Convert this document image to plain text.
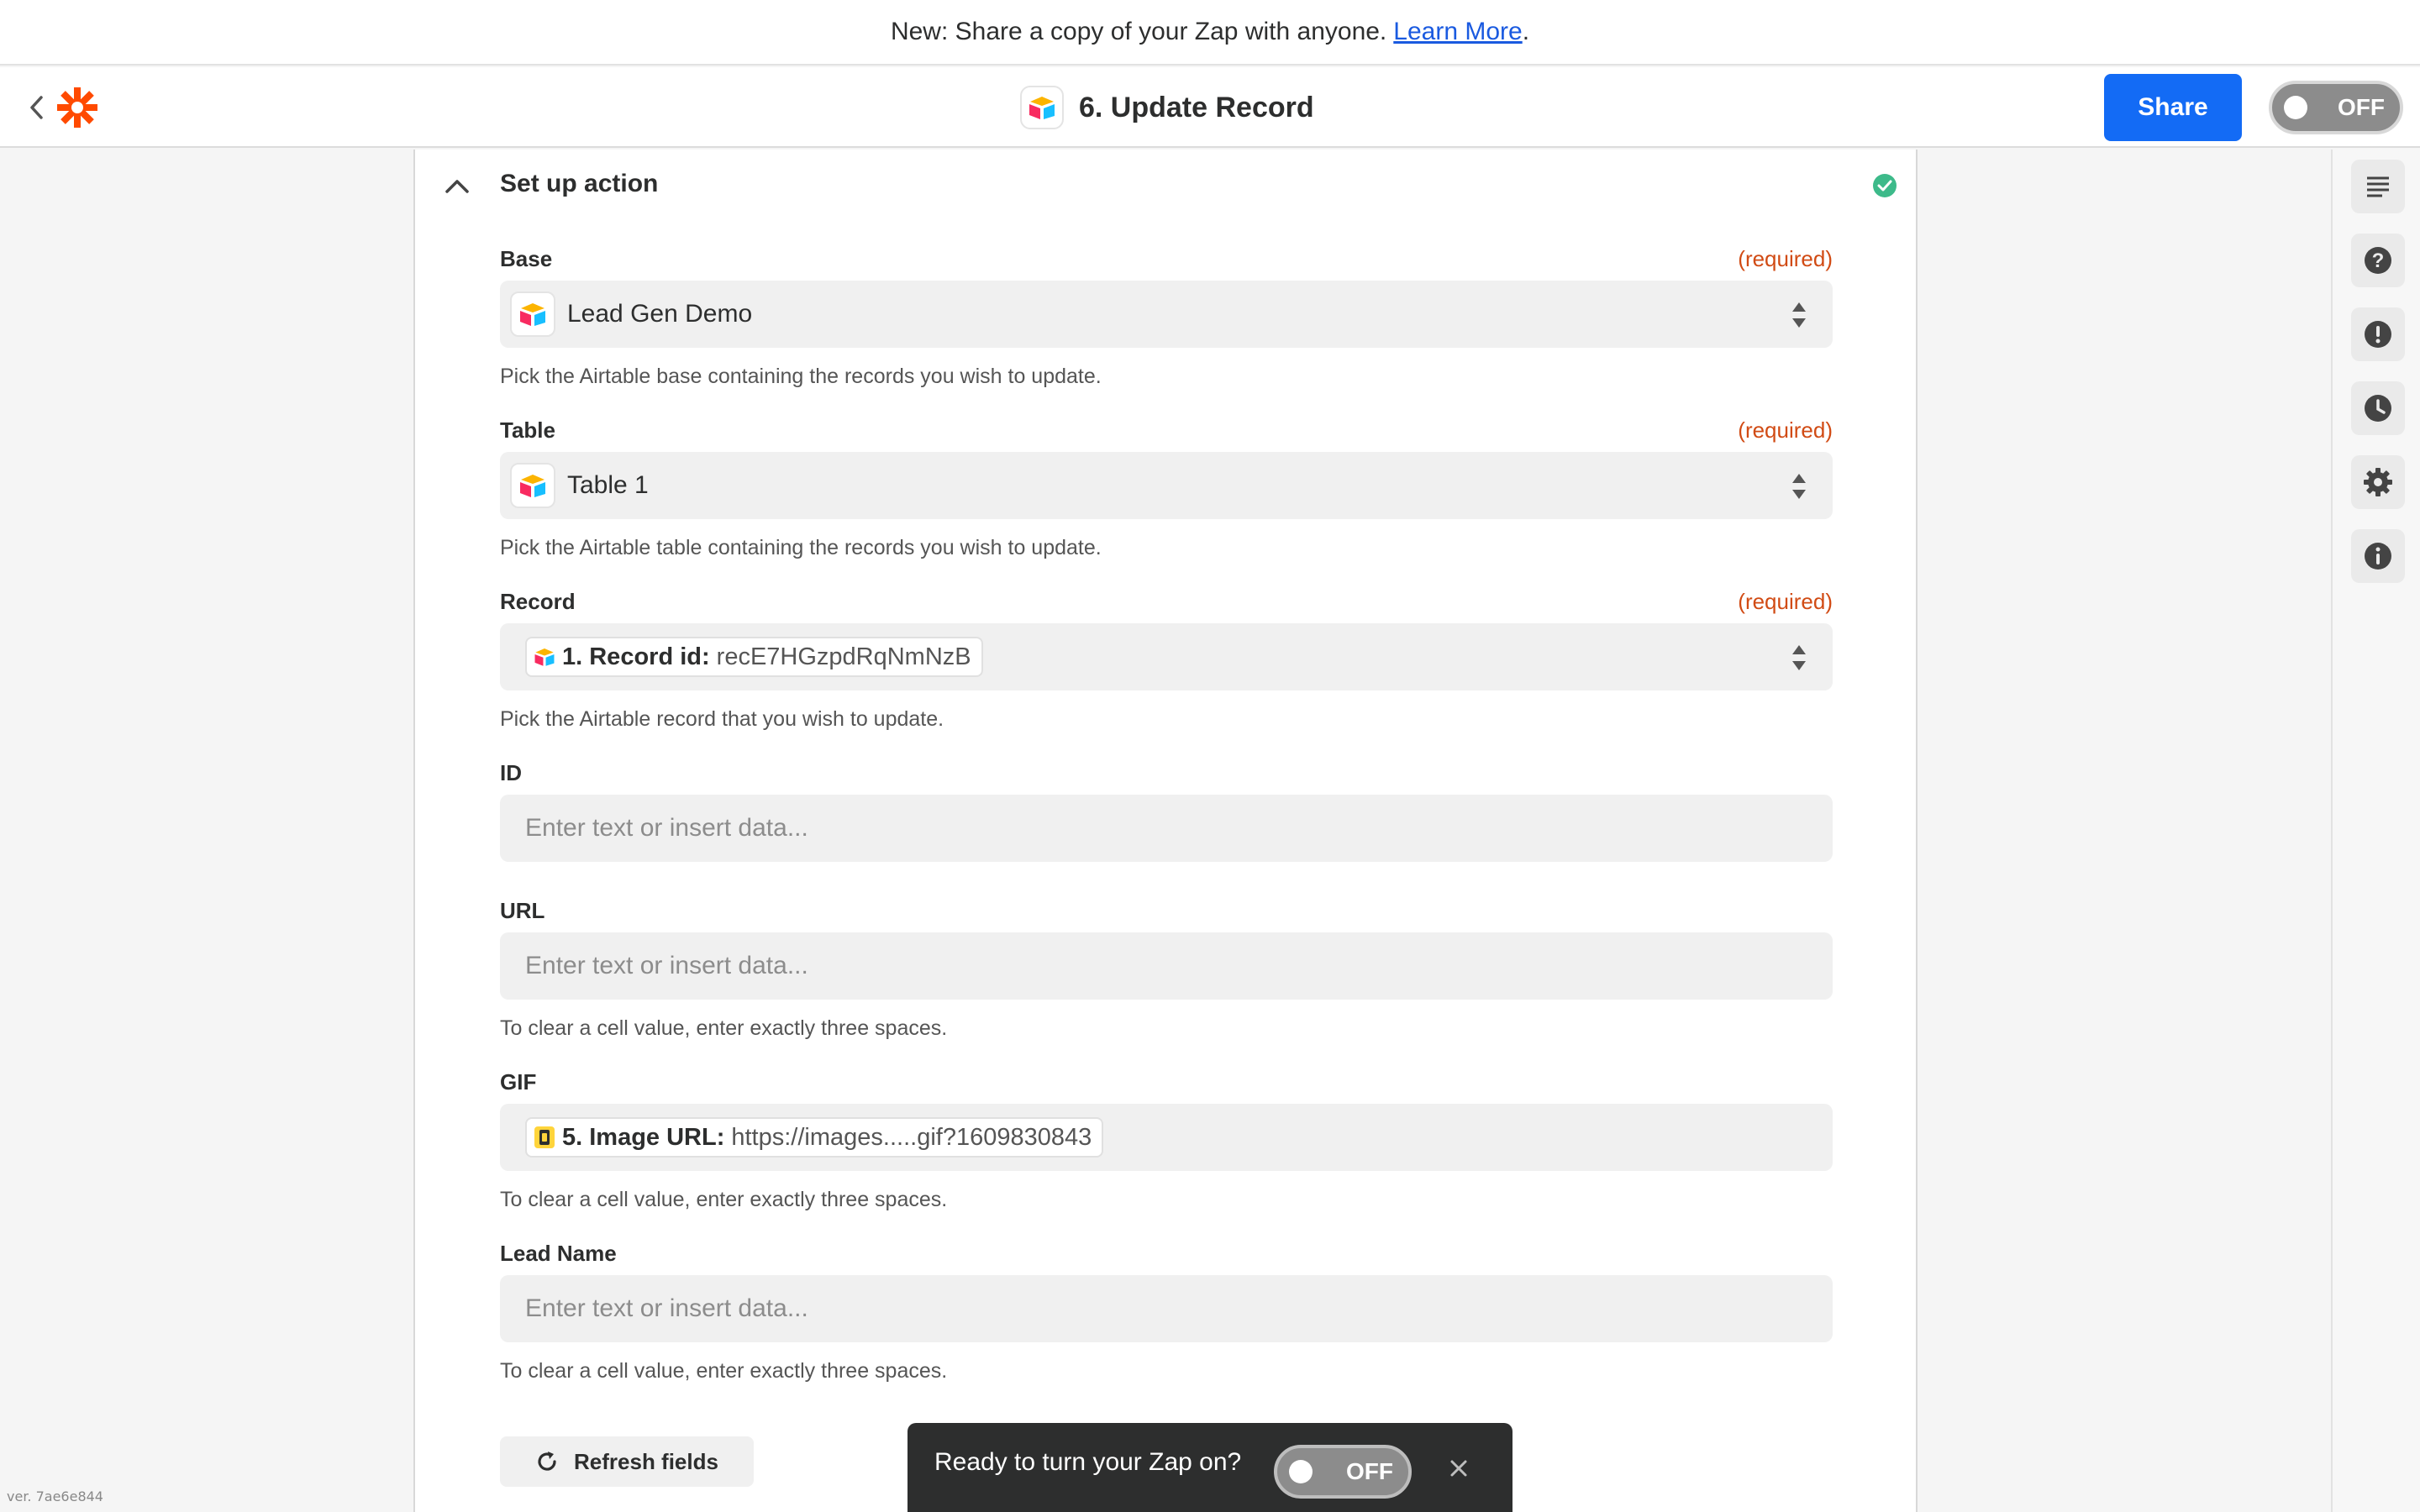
New: Share a copy of your Zap with anyone. Learn More .
6. Update Record	Share	OFF
?
Set up action
Base	(required)
Lead Gen Demo
Pick the Airtable base containing the records you wish to update.
Table	(required)
Table 1
Pick the Airtable table containing the records you wish to update.
Record	(required)
1. Record id: recE7HGzpdRqNmNzB
Pick the Airtable record that you wish to update.
ID
Enter text or insert data...
URL
Enter text or insert data...
To clear a cell value, enter exactly three spaces.
GIF
5. Image URL: https://images.....gif?1609830843
To clear a cell value, enter exactly three spaces.
Lead Name
Enter text or insert data...
To clear a cell value, enter exactly three spaces.
Refresh fields	Ready to turn your Zap on?	OFF
ver. 7ae6e844
